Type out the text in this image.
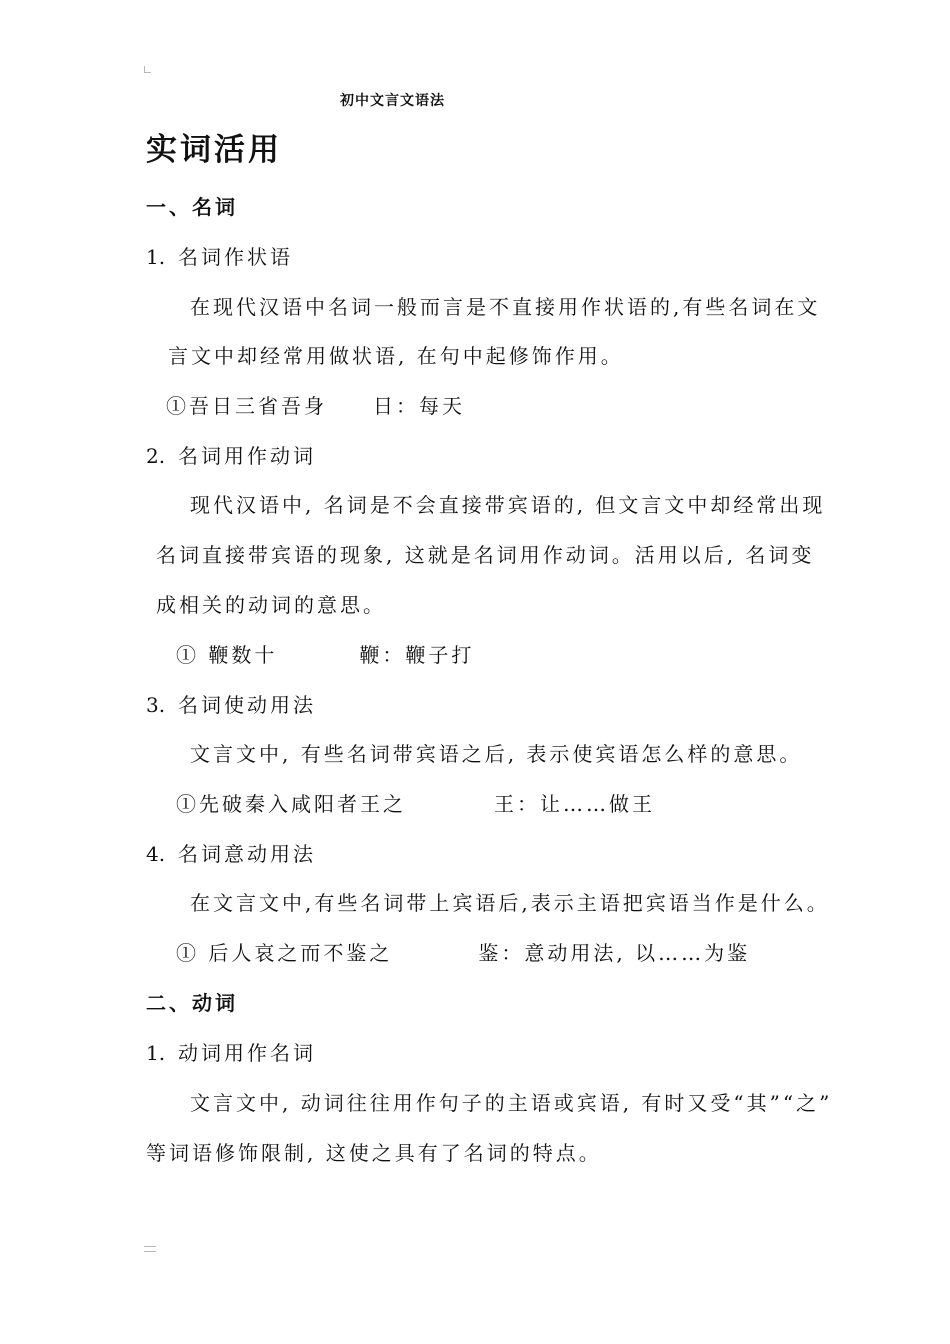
初中文言文语法
实词活用
一、名词
1. 名词作状语
在现代汉语中名词一般而言是不直接用作状语的,有些名词在文
言文中却经常用做状语, 在句中起修饰作用。
①吾日三省吾身 日：每天
2. 名词用作动词
现代汉语中, 名词是不会直接带宾语的, 但文言文中却经常出现
名词直接带宾语的现象, 这就是名词用作动词。活用以后, 名词变
成相关的动词的意思。
① 鞭数十	鞭：鞭子打
3. 名词使动用法
文言文中, 有些名词带宾语之后, 表示使宾语怎么样的意思。
①先破秦入咸阳者王之	王：让……做王
4. 名词意动用法
在文言文中,有些名词带上宾语后,表示主语把宾语当作是什么。
① 后人哀之而不鉴之	鉴：意动用法, 以……为鉴
二、动词
1. 动词用作名词
文言文中, 动词往往用作句子的主语或宾语, 有时又受“其”“之”
等词语修饰限制, 这使之具有了名词的特点。
